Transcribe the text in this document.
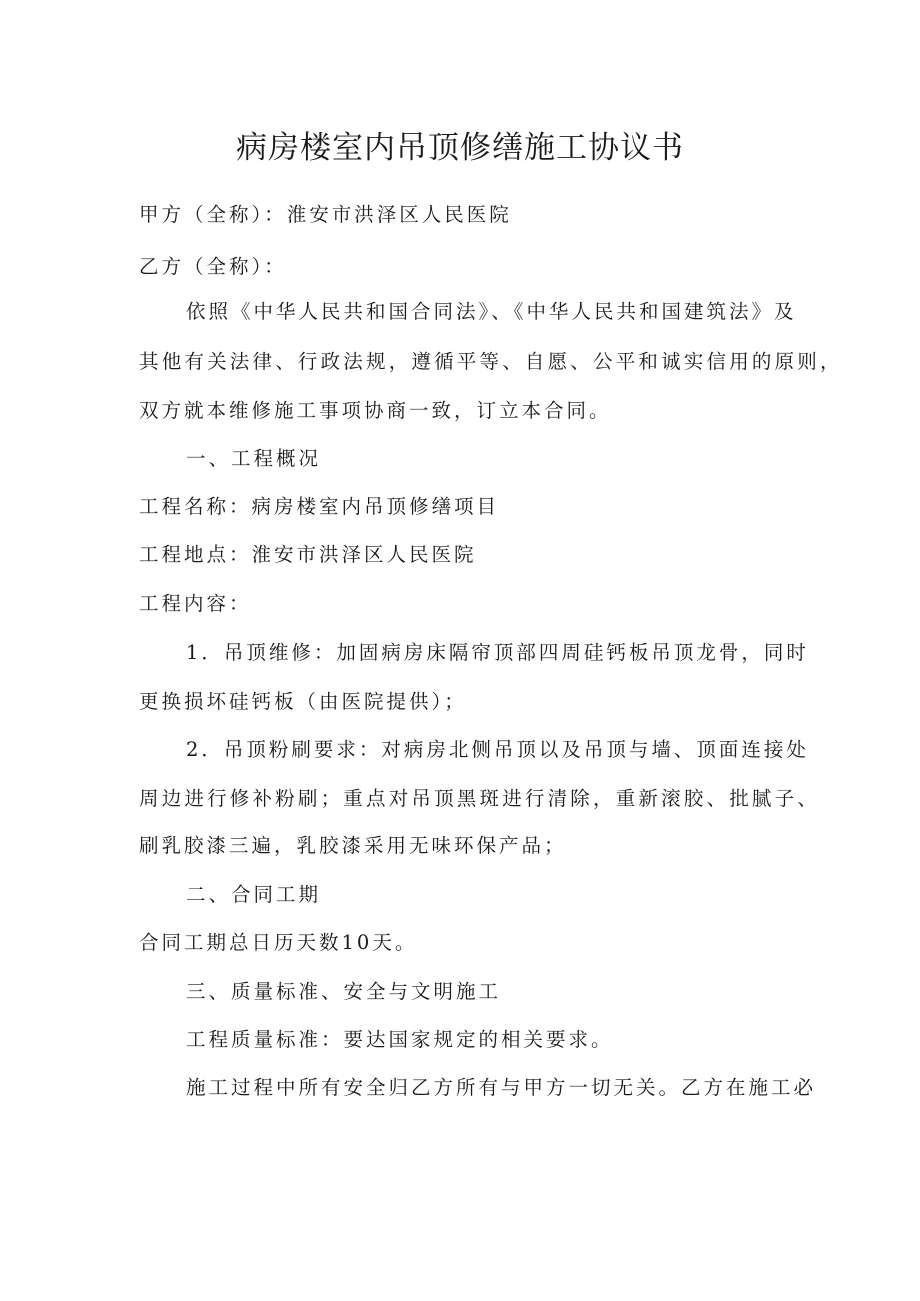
病房楼室内吊顶修缮施工协议书
甲方（全称）：淮安市洪泽区人民医院
乙方（全称）：
依照《中华人民共和国合同法》、《中华人民共和国建筑法》及
其他有关法律、行政法规，遵循平等、自愿、公平和诚实信用的原则，
双方就本维修施工事项协商一致，订立本合同。
一、工程概况
工程名称：病房楼室内吊顶修缮项目
工程地点：淮安市洪泽区人民医院
工程内容：
1．吊顶维修：加固病房床隔帘顶部四周硅钙板吊顶龙骨，同时
更换损坏硅钙板（由医院提供）；
2．吊顶粉刷要求：对病房北侧吊顶以及吊顶与墙、顶面连接处
周边进行修补粉刷；重点对吊顶黑斑进行清除，重新滚胶、批腻子、
刷乳胶漆三遍，乳胶漆采用无味环保产品；
二、合同工期
合同工期总日历天数10天。
三、质量标准、安全与文明施工
工程质量标准：要达国家规定的相关要求。
施工过程中所有安全归乙方所有与甲方一切无关。乙方在施工必
